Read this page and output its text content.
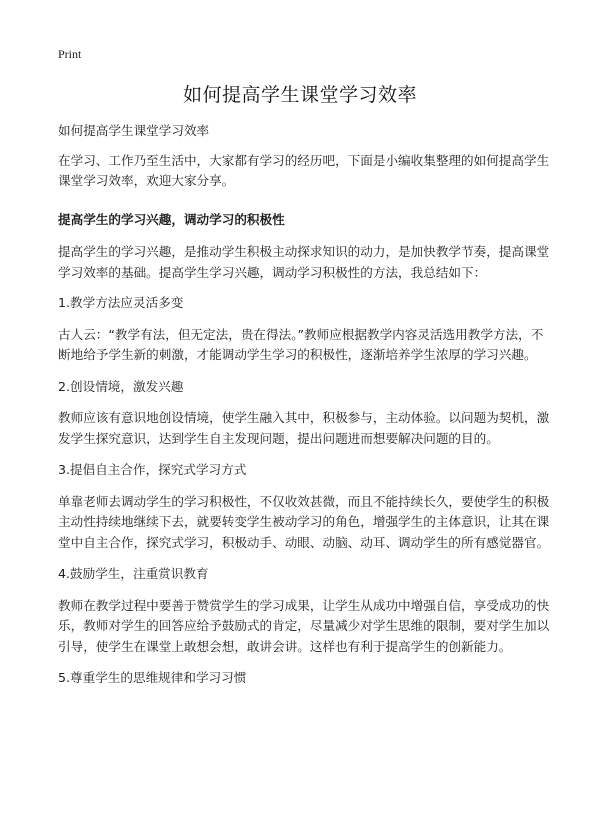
Print
如何提高学生课堂学习效率

如何提高学生课堂学习效率

在学习、工作乃至生活中，大家都有学习的经历吧，下面是小编收集整理的如何提高学生课堂学习效率，欢迎大家分享。

提高学生的学习兴趣，调动学习的积极性

提高学生的学习兴趣，是推动学生积极主动探求知识的动力，是加快教学节奏，提高课堂学习效率的基础。提高学生学习兴趣，调动学习积极性的方法，我总结如下：

1.教学方法应灵活多变

古人云：“教学有法，但无定法，贵在得法。”教师应根据教学内容灵活选用教学方法，不断地给予学生新的刺激，才能调动学生学习的积极性，逐渐培养学生浓厚的学习兴趣。

2.创设情境，激发兴趣

教师应该有意识地创设情境，使学生融入其中，积极参与，主动体验。以问题为契机，激发学生探究意识，达到学生自主发现问题，提出问题进而想要解决问题的目的。

3.提倡自主合作，探究式学习方式

单靠老师去调动学生的学习积极性，不仅收效甚微，而且不能持续长久，要使学生的积极主动性持续地继续下去，就要转变学生被动学习的角色，增强学生的主体意识，让其在课堂中自主合作，探究式学习，积极动手、动眼、动脑、动耳、调动学生的所有感觉器官。

4.鼓励学生，注重赏识教育

教师在教学过程中要善于赞赏学生的学习成果，让学生从成功中增强自信，享受成功的快乐，教师对学生的回答应给予鼓励式的肯定，尽量减少对学生思维的限制，要对学生加以引导，使学生在课堂上敢想会想，敢讲会讲。这样也有利于提高学生的创新能力。

5.尊重学生的思维规律和学习习惯
